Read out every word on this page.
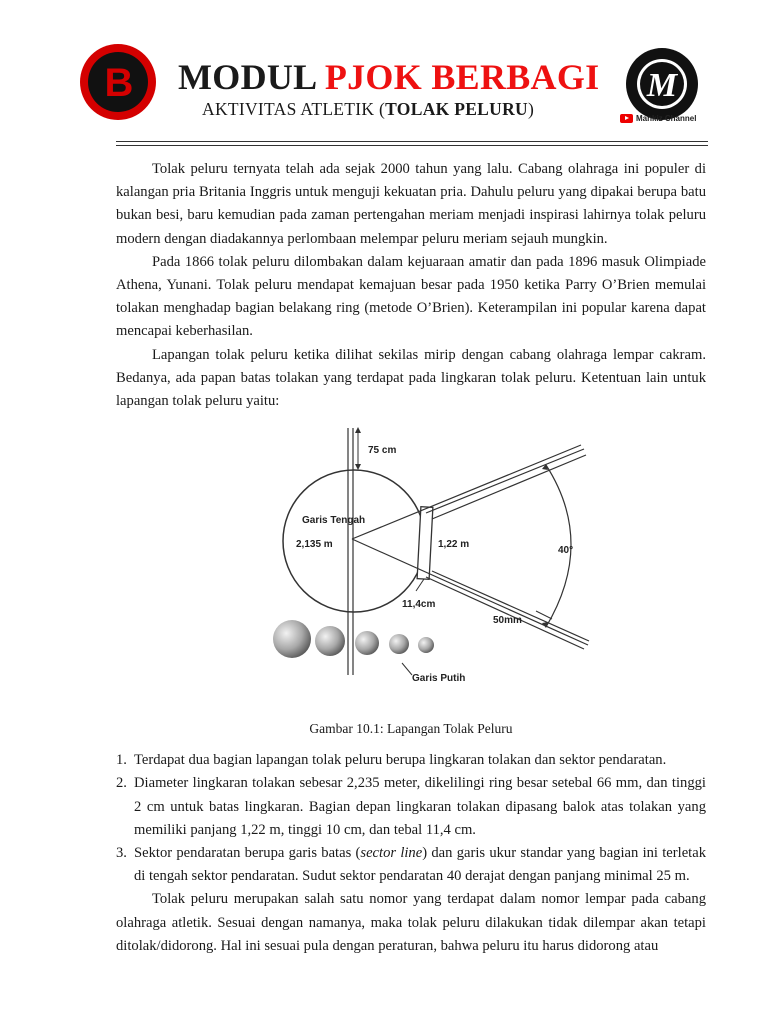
B MODUL PJOK BERBAGI
AKTIVITAS ATLETIK (TOLAK PELURU)
M
Mankiz Channel

Tolak peluru ternyata telah ada sejak 2000 tahun yang lalu. Cabang olahraga ini populer di kalangan pria Britania Inggris untuk menguji kekuatan pria. Dahulu peluru yang dipakai berupa batu bukan besi, baru kemudian pada zaman pertengahan meriam menjadi inspirasi lahirnya tolak peluru modern dengan diadakannya perlombaan melempar peluru meriam sejauh mungkin.

Pada 1866 tolak peluru dilombakan dalam kejuaraan amatir dan pada 1896 masuk Olimpiade Athena, Yunani. Tolak peluru mendapat kemajuan besar pada 1950 ketika Parry O’Brien memulai tolakan menghadap bagian belakang ring (metode O’Brien). Keterampilan ini popular karena dapat mencapai keberhasilan.

Lapangan tolak peluru ketika dilihat sekilas mirip dengan cabang olahraga lempar cakram. Bedanya, ada papan batas tolakan yang terdapat pada lingkaran tolak peluru. Ketentuan lain untuk lapangan tolak peluru yaitu:

75 cm
40°
Garis Tengah
2,135 m	1,22 m
11,4cm
50mm
Garis Putih
Gambar 10.1: Lapangan Tolak Peluru
1. Terdapat dua bagian lapangan tolak peluru berupa lingkaran tolakan dan sektor pendaratan.
2. Diameter lingkaran tolakan sebesar 2,235 meter, dikelilingi ring besar setebal 66 mm, dan tinggi 2 cm untuk batas lingkaran. Bagian depan lingkaran tolakan dipasang balok atas tolakan yang memiliki panjang 1,22 m, tinggi 10 cm, dan tebal 11,4 cm.
3. Sektor pendaratan berupa garis batas (sector line) dan garis ukur standar yang bagian ini terletak di tengah sektor pendaratan. Sudut sektor pendaratan 40 derajat dengan panjang minimal 25 m.

Tolak peluru merupakan salah satu nomor yang terdapat dalam nomor lempar pada cabang olahraga atletik. Sesuai dengan namanya, maka tolak peluru dilakukan tidak dilempar akan tetapi ditolak/didorong. Hal ini sesuai pula dengan peraturan, bahwa peluru itu harus didorong atau
